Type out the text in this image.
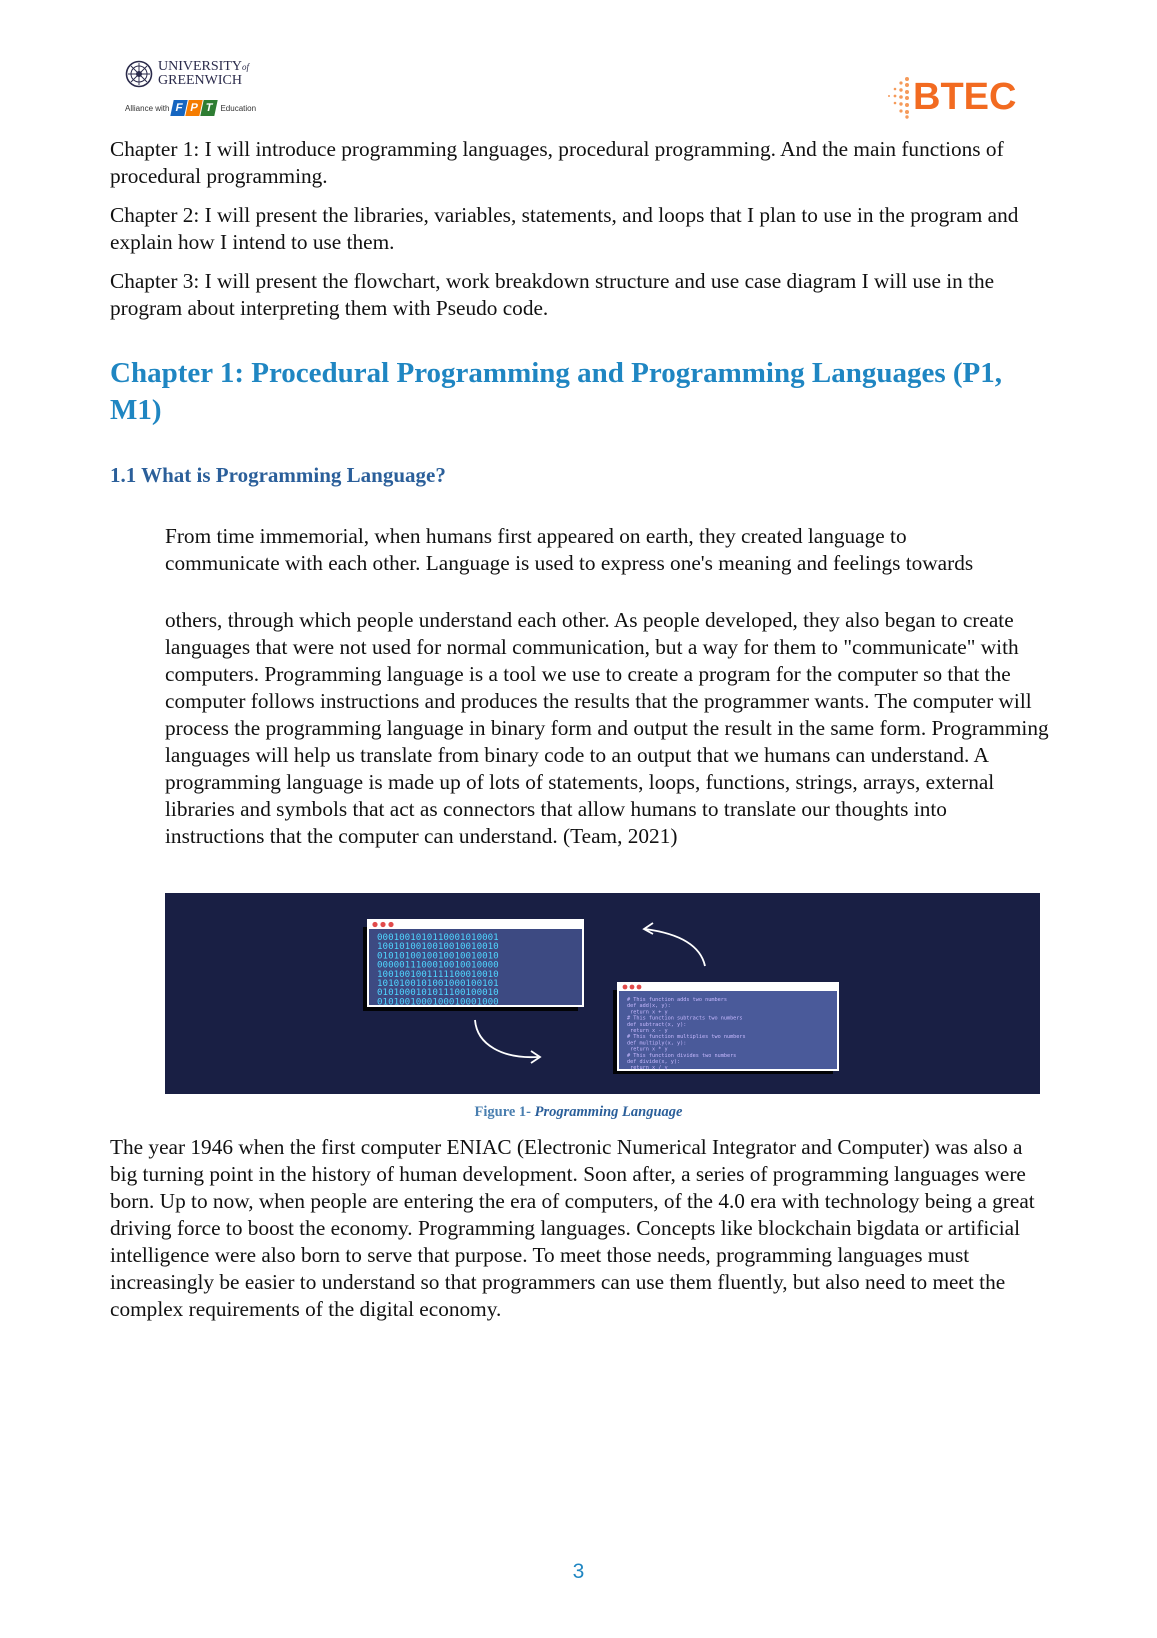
UNIVERSITYof
GREENWICH
Alliance with F P T Education	BTEC

Chapter 1: I will introduce programming languages, procedural programming. And the main functions of procedural programming.

Chapter 2: I will present the libraries, variables, statements, and loops that I plan to use in the program and explain how I intend to use them.

Chapter 3: I will present the flowchart, work breakdown structure and use case diagram I will use in the program about interpreting them with Pseudo code.

Chapter 1: Procedural Programming and Programming Languages (P1, M1)
1.1 What is Programming Language?

From time immemorial, when humans first appeared on earth, they created language to communicate with each other. Language is used to express one's meaning and feelings towards

others, through which people understand each other. As people developed, they also began to create languages that were not used for normal communication, but a way for them to "communicate" with computers. Programming language is a tool we use to create a program for the computer so that the computer follows instructions and produces the results that the programmer wants. The computer will process the programming language in binary form and output the result in the same form. Programming languages will help us translate from binary code to an output that we humans can understand. A programming language is made up of lots of statements, loops, functions, strings, arrays, external libraries and symbols that act as connectors that allow humans to translate our thoughts into instructions that the computer can understand. (Team, 2021)

0001001010110001010001 1001010010010010010010 0101010010010010010010 0000011100010010010000 1001001001111100010010 1010100101001000100101 0101000101011100100010 0101001000100010001000	# This function adds two numbers def add(x, y): return x + y # This function subtracts two numbers def subtract(x, y): return x - y # This function multiplies two numbers def multiply(x, y): return x * y # This function divides two numbers def divide(x, y): return x / y
Figure 1- Programming Language

The year 1946 when the first computer ENIAC (Electronic Numerical Integrator and Computer) was also a big turning point in the history of human development. Soon after, a series of programming languages were born. Up to now, when people are entering the era of computers, of the 4.0 era with technology being a great driving force to boost the economy. Programming languages. Concepts like blockchain bigdata or artificial intelligence were also born to serve that purpose. To meet those needs, programming languages must increasingly be easier to understand so that programmers can use them fluently, but also need to meet the complex requirements of the digital economy.

3
